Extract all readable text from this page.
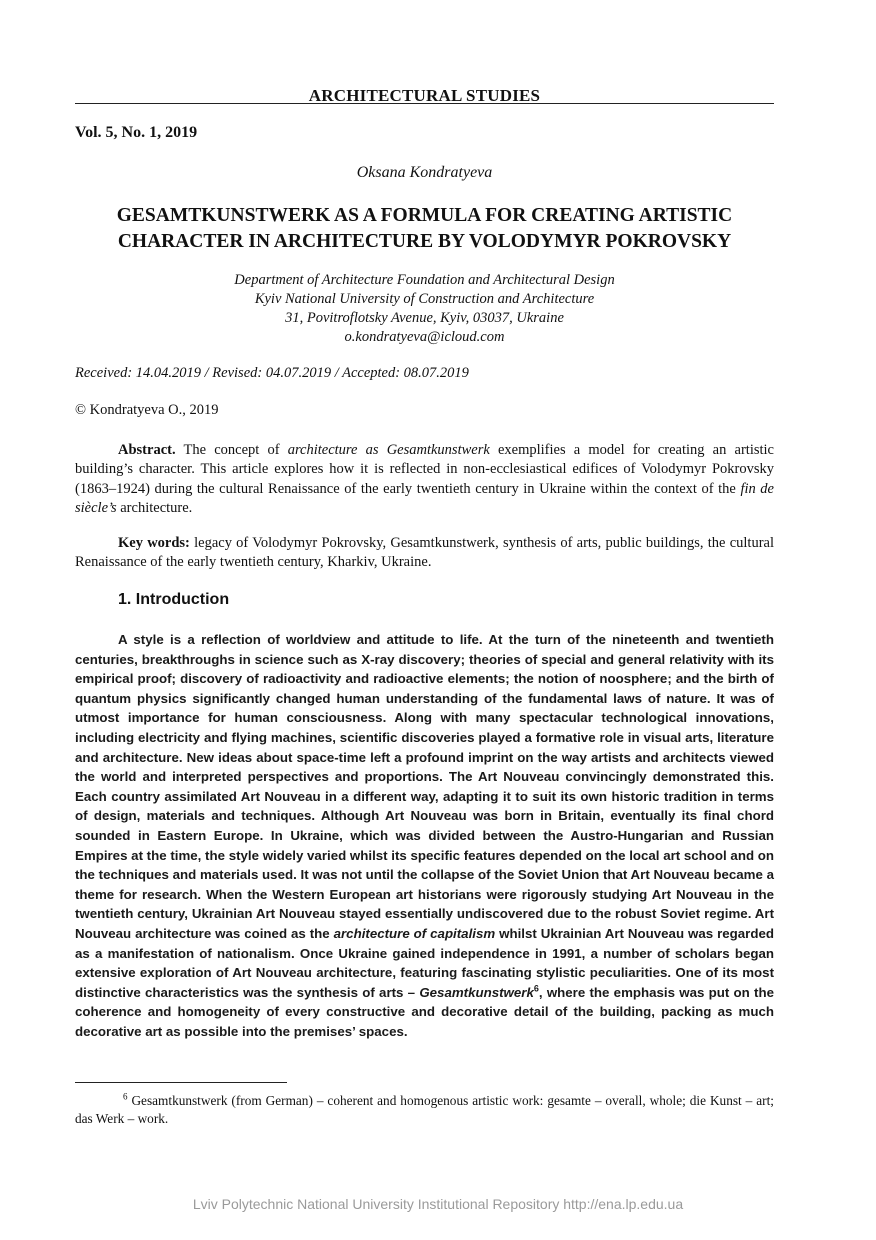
ARCHITECTURAL STUDIES
Vol. 5, No. 1, 2019
Oksana Kondratyeva
GESAMTKUNSTWERK AS A FORMULA FOR CREATING ARTISTIC
CHARACTER IN ARCHITECTURE BY VOLODYMYR POKROVSKY
Department of Architecture Foundation and Architectural Design
Kyiv National University of Construction and Architecture
31, Povitroflotsky Avenue, Kyiv, 03037, Ukraine
o.kondratyeva@icloud.com
Received: 14.04.2019 / Revised: 04.07.2019 / Accepted: 08.07.2019
© Kondratyeva O., 2019

Abstract. The concept of architecture as Gesamtkunstwerk exemplifies a model for creating an artistic building’s character. This article explores how it is reflected in non-ecclesiastical edifices of Volodymyr Pokrovsky (1863–1924) during the cultural Renaissance of the early twentieth century in Ukraine within the context of the fin de siècle’s architecture.

Key words: legacy of Volodymyr Pokrovsky, Gesamtkunstwerk, synthesis of arts, public buildings, the cultural Renaissance of the early twentieth century, Kharkiv, Ukraine.

1. Introduction

A style is a reflection of worldview and attitude to life. At the turn of the nineteenth and twentieth centuries, breakthroughs in science such as X-ray discovery; theories of special and general relativity with its empirical proof; discovery of radioactivity and radioactive elements; the notion of noosphere; and the birth of quantum physics significantly changed human understanding of the fundamental laws of nature. It was of utmost importance for human consciousness. Along with many spectacular technological innovations, including electricity and flying machines, scientific discoveries played a formative role in visual arts, literature and architecture. New ideas about space-time left a profound imprint on the way artists and architects viewed the world and interpreted perspectives and proportions. The Art Nouveau convincingly demonstrated this. Each country assimilated Art Nouveau in a different way, adapting it to suit its own historic tradition in terms of design, materials and techniques. Although Art Nouveau was born in Britain, eventually its final chord sounded in Eastern Europe. In Ukraine, which was divided between the Austro-Hungarian and Russian Empires at the time, the style widely varied whilst its specific features depended on the local art school and on the techniques and materials used. It was not until the collapse of the Soviet Union that Art Nouveau became a theme for research. When the Western European art historians were rigorously studying Art Nouveau in the twentieth century, Ukrainian Art Nouveau stayed essentially undiscovered due to the robust Soviet regime. Art Nouveau architecture was coined as the architecture of capitalism whilst Ukrainian Art Nouveau was regarded as a manifestation of nationalism. Once Ukraine gained independence in 1991, a number of scholars began extensive exploration of Art Nouveau architecture, featuring fascinating stylistic peculiarities. One of its most distinctive characteristics was the synthesis of arts – Gesamtkunstwerk$^6$, where the emphasis was put on the coherence and homogeneity of every constructive and decorative detail of the building, packing as much decorative art as possible into the premises’ spaces.

$^6$ Gesamtkunstwerk (from German) – coherent and homogenous artistic work: gesamte – overall, whole; die Kunst – art; das Werk – work.

Lviv Polytechnic National University Institutional Repository http://ena.lp.edu.ua
